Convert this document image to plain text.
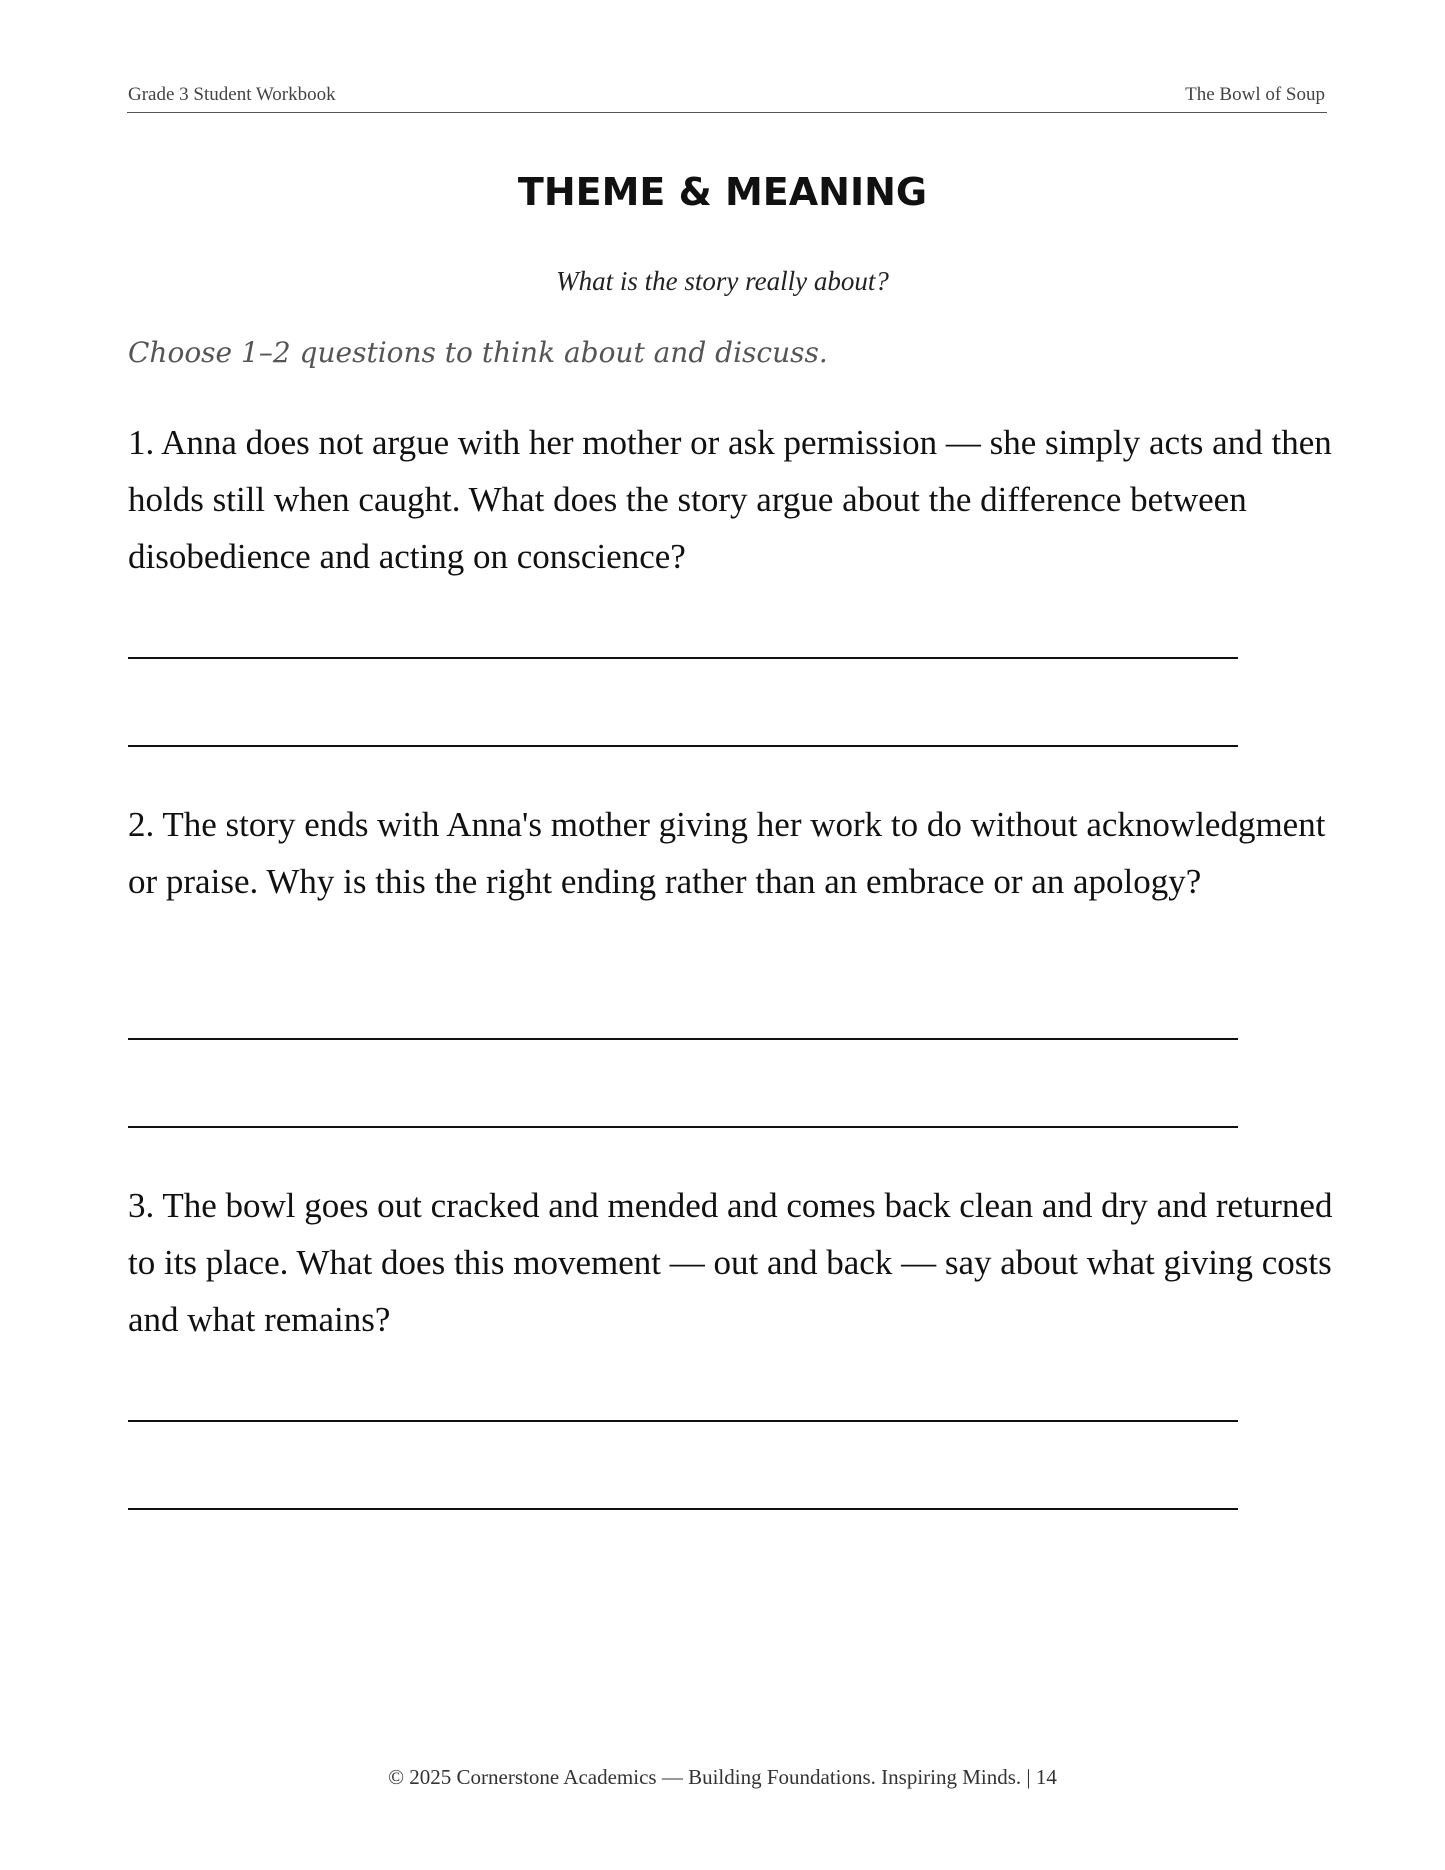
Grade 3 Student Workbook	The Bowl of Soup
THEME & MEANING
What is the story really about?
Choose 1–2 questions to think about and discuss.
1. Anna does not argue with her mother or ask permission — she simply acts and then holds still when caught. What does the story argue about the difference between disobedience and acting on conscience?
2. The story ends with Anna's mother giving her work to do without acknowledgment or praise. Why is this the right ending rather than an embrace or an apology?
3. The bowl goes out cracked and mended and comes back clean and dry and returned to its place. What does this movement — out and back — say about what giving costs and what remains?
© 2025 Cornerstone Academics — Building Foundations. Inspiring Minds. | 14
